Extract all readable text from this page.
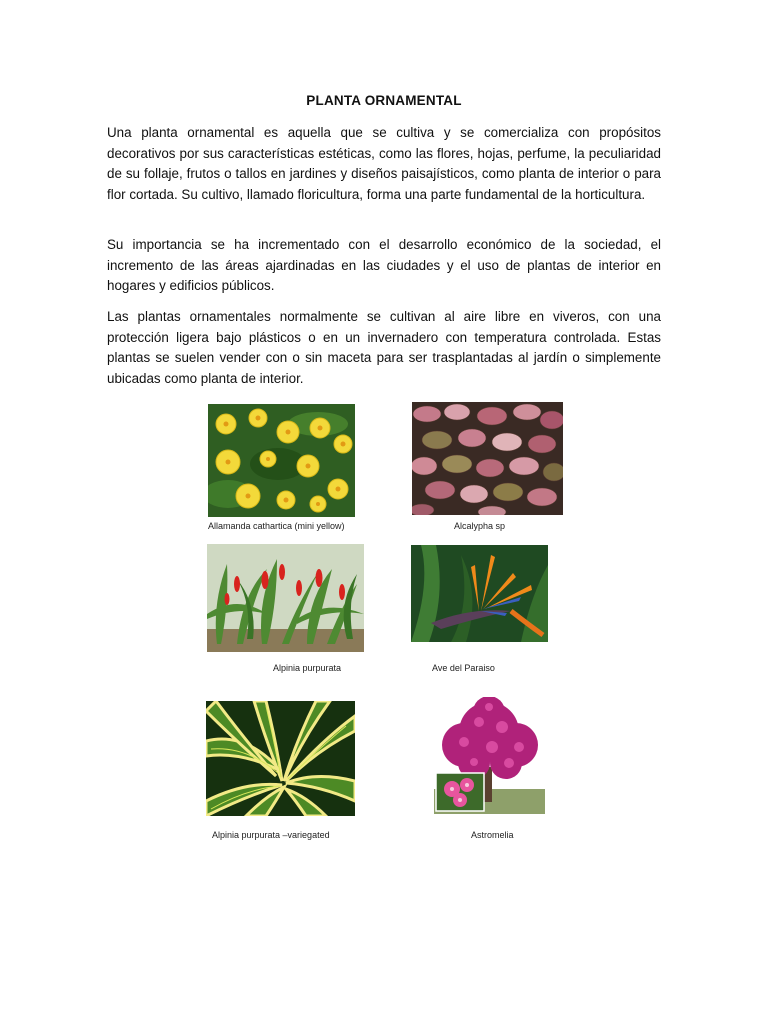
PLANTA ORNAMENTAL

Una planta ornamental es aquella que se cultiva y se comercializa con propósitos decorativos por sus características estéticas, como las flores, hojas, perfume, la peculiaridad de su follaje, frutos o tallos en jardines y diseños paisajísticos, como planta de interior o para flor cortada. Su cultivo, llamado floricultura, forma una parte fundamental de la horticultura.

Su importancia se ha incrementado con el desarrollo económico de la sociedad, el incremento de las áreas ajardinadas en las ciudades y el uso de plantas de interior en hogares y edificios públicos.

Las plantas ornamentales normalmente se cultivan al aire libre en viveros, con una protección ligera bajo plásticos o en un invernadero con temperatura controlada. Estas plantas se suelen vender con o sin maceta para ser trasplantadas al jardín o simplemente ubicadas como planta de interior.

Allamanda cathartica (mini yellow)	Alcalypha sp
Alpinia purpurata	Ave del Paraiso
Alpinia purpurata –variegated	Astromelia
